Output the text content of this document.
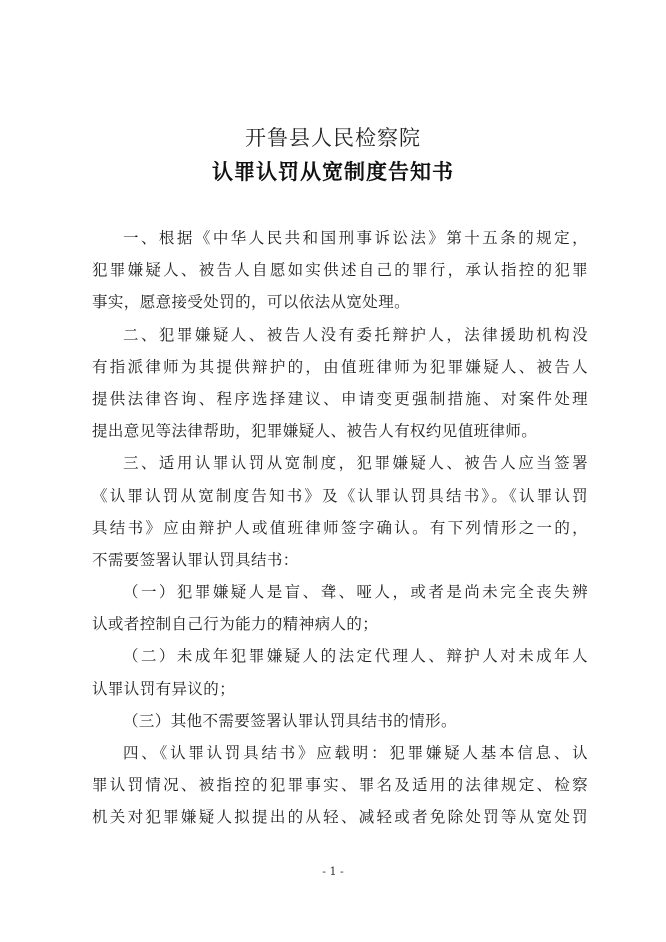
开鲁县人民检察院
认罪认罚从宽制度告知书
一、根据《中华人民共和国刑事诉讼法》第十五条的规定，
犯罪嫌疑人、被告人自愿如实供述自己的罪行，承认指控的犯罪
事实，愿意接受处罚的，可以依法从宽处理。
二、犯罪嫌疑人、被告人没有委托辩护人，法律援助机构没
有指派律师为其提供辩护的，由值班律师为犯罪嫌疑人、被告人
提供法律咨询、程序选择建议、申请变更强制措施、对案件处理
提出意见等法律帮助，犯罪嫌疑人、被告人有权约见值班律师。
三、适用认罪认罚从宽制度，犯罪嫌疑人、被告人应当签署
《认罪认罚从宽制度告知书》及《认罪认罚具结书》。《认罪认罚
具结书》应由辩护人或值班律师签字确认。有下列情形之一的，
不需要签署认罪认罚具结书：
（一）犯罪嫌疑人是盲、聋、哑人，或者是尚未完全丧失辨
认或者控制自己行为能力的精神病人的；
（二）未成年犯罪嫌疑人的法定代理人、辩护人对未成年人
认罪认罚有异议的；
（三）其他不需要签署认罪认罚具结书的情形。
四、《认罪认罚具结书》应载明：犯罪嫌疑人基本信息、认
罪认罚情况、被指控的犯罪事实、罪名及适用的法律规定、检察
机关对犯罪嫌疑人拟提出的从轻、减轻或者免除处罚等从宽处罚
- 1 -
